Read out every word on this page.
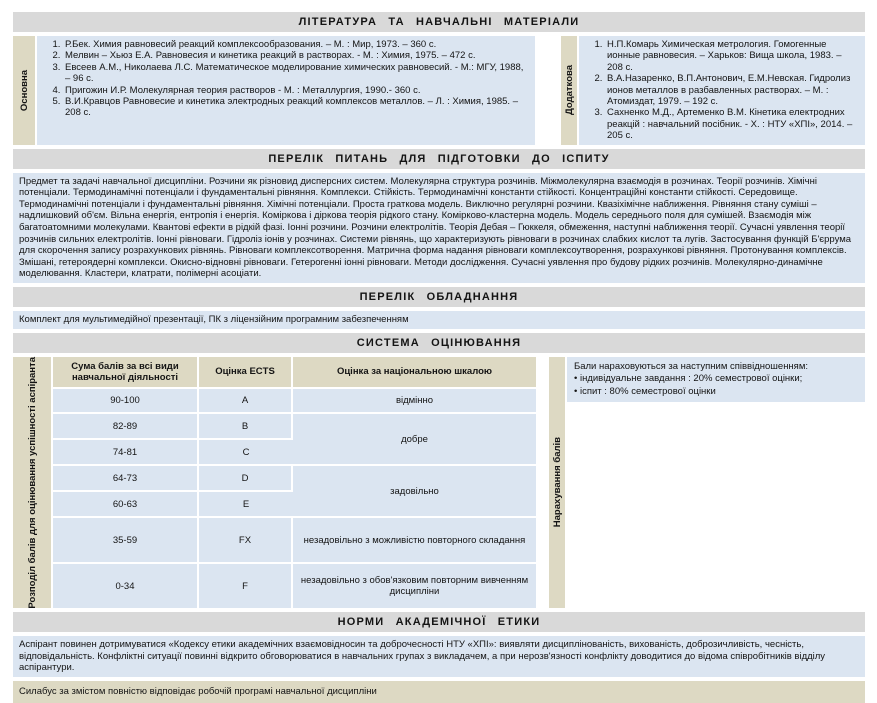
ЛІТЕРАТУРА ТА НАВЧАЛЬНІ МАТЕРІАЛИ
Основна
1. Р.Бек. Химия равновесий реакций комплексообразования. – М. : Мир, 1973. – 360 с.
2. Мелвин – Хьюз Е.А. Равновесия и кинетика реакций в растворах. - М. : Химия, 1975. – 472 с.
3. Евсеев А.М., Николаева Л.С. Математическое моделирование химических равновесий. - М.: МГУ, 1988, – 96 с.
4. Пригожин И.Р. Молекулярная теория растворов - М. : Металлургия, 1990.- 360 с.
5. В.И.Кравцов Равновесие и кинетика электродных реакций комплексов металлов. – Л. : Химия, 1985. – 208 с.	Додаткова
1. Н.П.Комарь Химическая метрология. Гомогенные ионные равновесия. – Харьков: Вища школа, 1983. – 208 с.
2. В.А.Назаренко, В.П.Антонович, Е.М.Невская. Гидролиз ионов металлов в разбавленных растворах. – М. : Атомиздат, 1979. – 192 с.
3. Сахненко М.Д., Артеменко В.М. Кінетика електродних реакцій : навчальний посібник. - Х. : НТУ «ХПІ», 2014. – 205 с.
ПЕРЕЛІК ПИТАНЬ ДЛЯ ПІДГОТОВКИ ДО ІСПИТУ
Предмет та задачі навчальної дисципліни. Розчини як різновид дисперсних систем. Молекулярна структура розчинів. Міжмолекулярна взаємодія в розчинах. Теорії розчинів. Хімічні потенціали. Термодинамічні потенціали і фундаментальні рівняння. Комплекси. Стійкість. Термодинамічні константи стійкості. Концентраційні константи стійкості. Середовище. Термодинамічні потенціали і фундаментальні рівняння. Хімічні потенціали. Проста граткова модель. Виключно регулярні розчини. Квазіхімічне наближення. Рівняння стану суміші – надлишковий об'єм. Вільна енергія, ентропія і енергія. Коміркова і діркова теорія рідкого стану. Комірково-кластерна модель. Модель середнього поля для сумішей. Взаємодія між багатоатомними молекулами. Квантові ефекти в рідкій фазі. Іонні розчини. Розчини електролітів. Теорія Дебая – Гюккеля, обмеження, наступні наближення теорії. Сучасні уявлення теорії розчинів сильних електролітів. Іонні рівноваги. Гідроліз іонів у розчинах. Системи рівнянь, що характеризують рівноваги в розчинах слабких кислот та лугів. Застосування функцій Б'єррума для скорочення запису розрахункових рівнянь. Рівноваги комплексотворення. Матрична форма надання рівноваги комплексоутворення, розрахункові рівняння. Протонування комплексів. Змішані, гетероядерні комплекси. Окисно-відновні рівноваги. Гетерогенні іонні рівноваги. Методи дослідження. Сучасні уявлення про будову рідких розчинів. Молекулярно-динамічне моделювання. Кластери, клатрати, полімерні асоціати.
ПЕРЕЛІК ОБЛАДНАННЯ
Комплект для мультимедійної презентації, ПК з ліцензійним програмним забезпеченням
СИСТЕМА ОЦІНЮВАННЯ
Розподіл балів для оцінювання успішності аспіранта	Сума балів за всі види навчальної діяльності	Оцінка ECTS	Оцінка за національною шкалою
90-100	A	відмінно
82-89	B	добре
74-81	C	
64-73	D	задовільно
60-63	E	
35-59	FX	незадовільно з можливістю повторного складання
0-34	F	незадовільно з обов'язковим повторним вивченням дисципліни
Нарахування балів
Бали нараховуються за наступним співвідношенням:
• індивідуальне завдання : 20% семестрової оцінки;
• іспит : 80% семестрової оцінки
НОРМИ АКАДЕМІЧНОЇ ЕТИКИ
Аспірант повинен дотримуватися «Кодексу етики академічних взаємовідносин та доброчесності НТУ «ХПІ»: виявляти дисциплінованість, вихованість, доброзичливість, чесність, відповідальність. Конфліктні ситуації повинні відкрито обговорюватися в навчальних групах з викладачем, а при нерозв'язності конфлікту доводитися до відома співробітників відділу аспірантури.
Силабус за змістом повністю відповідає робочій програмі навчальної дисципліни
